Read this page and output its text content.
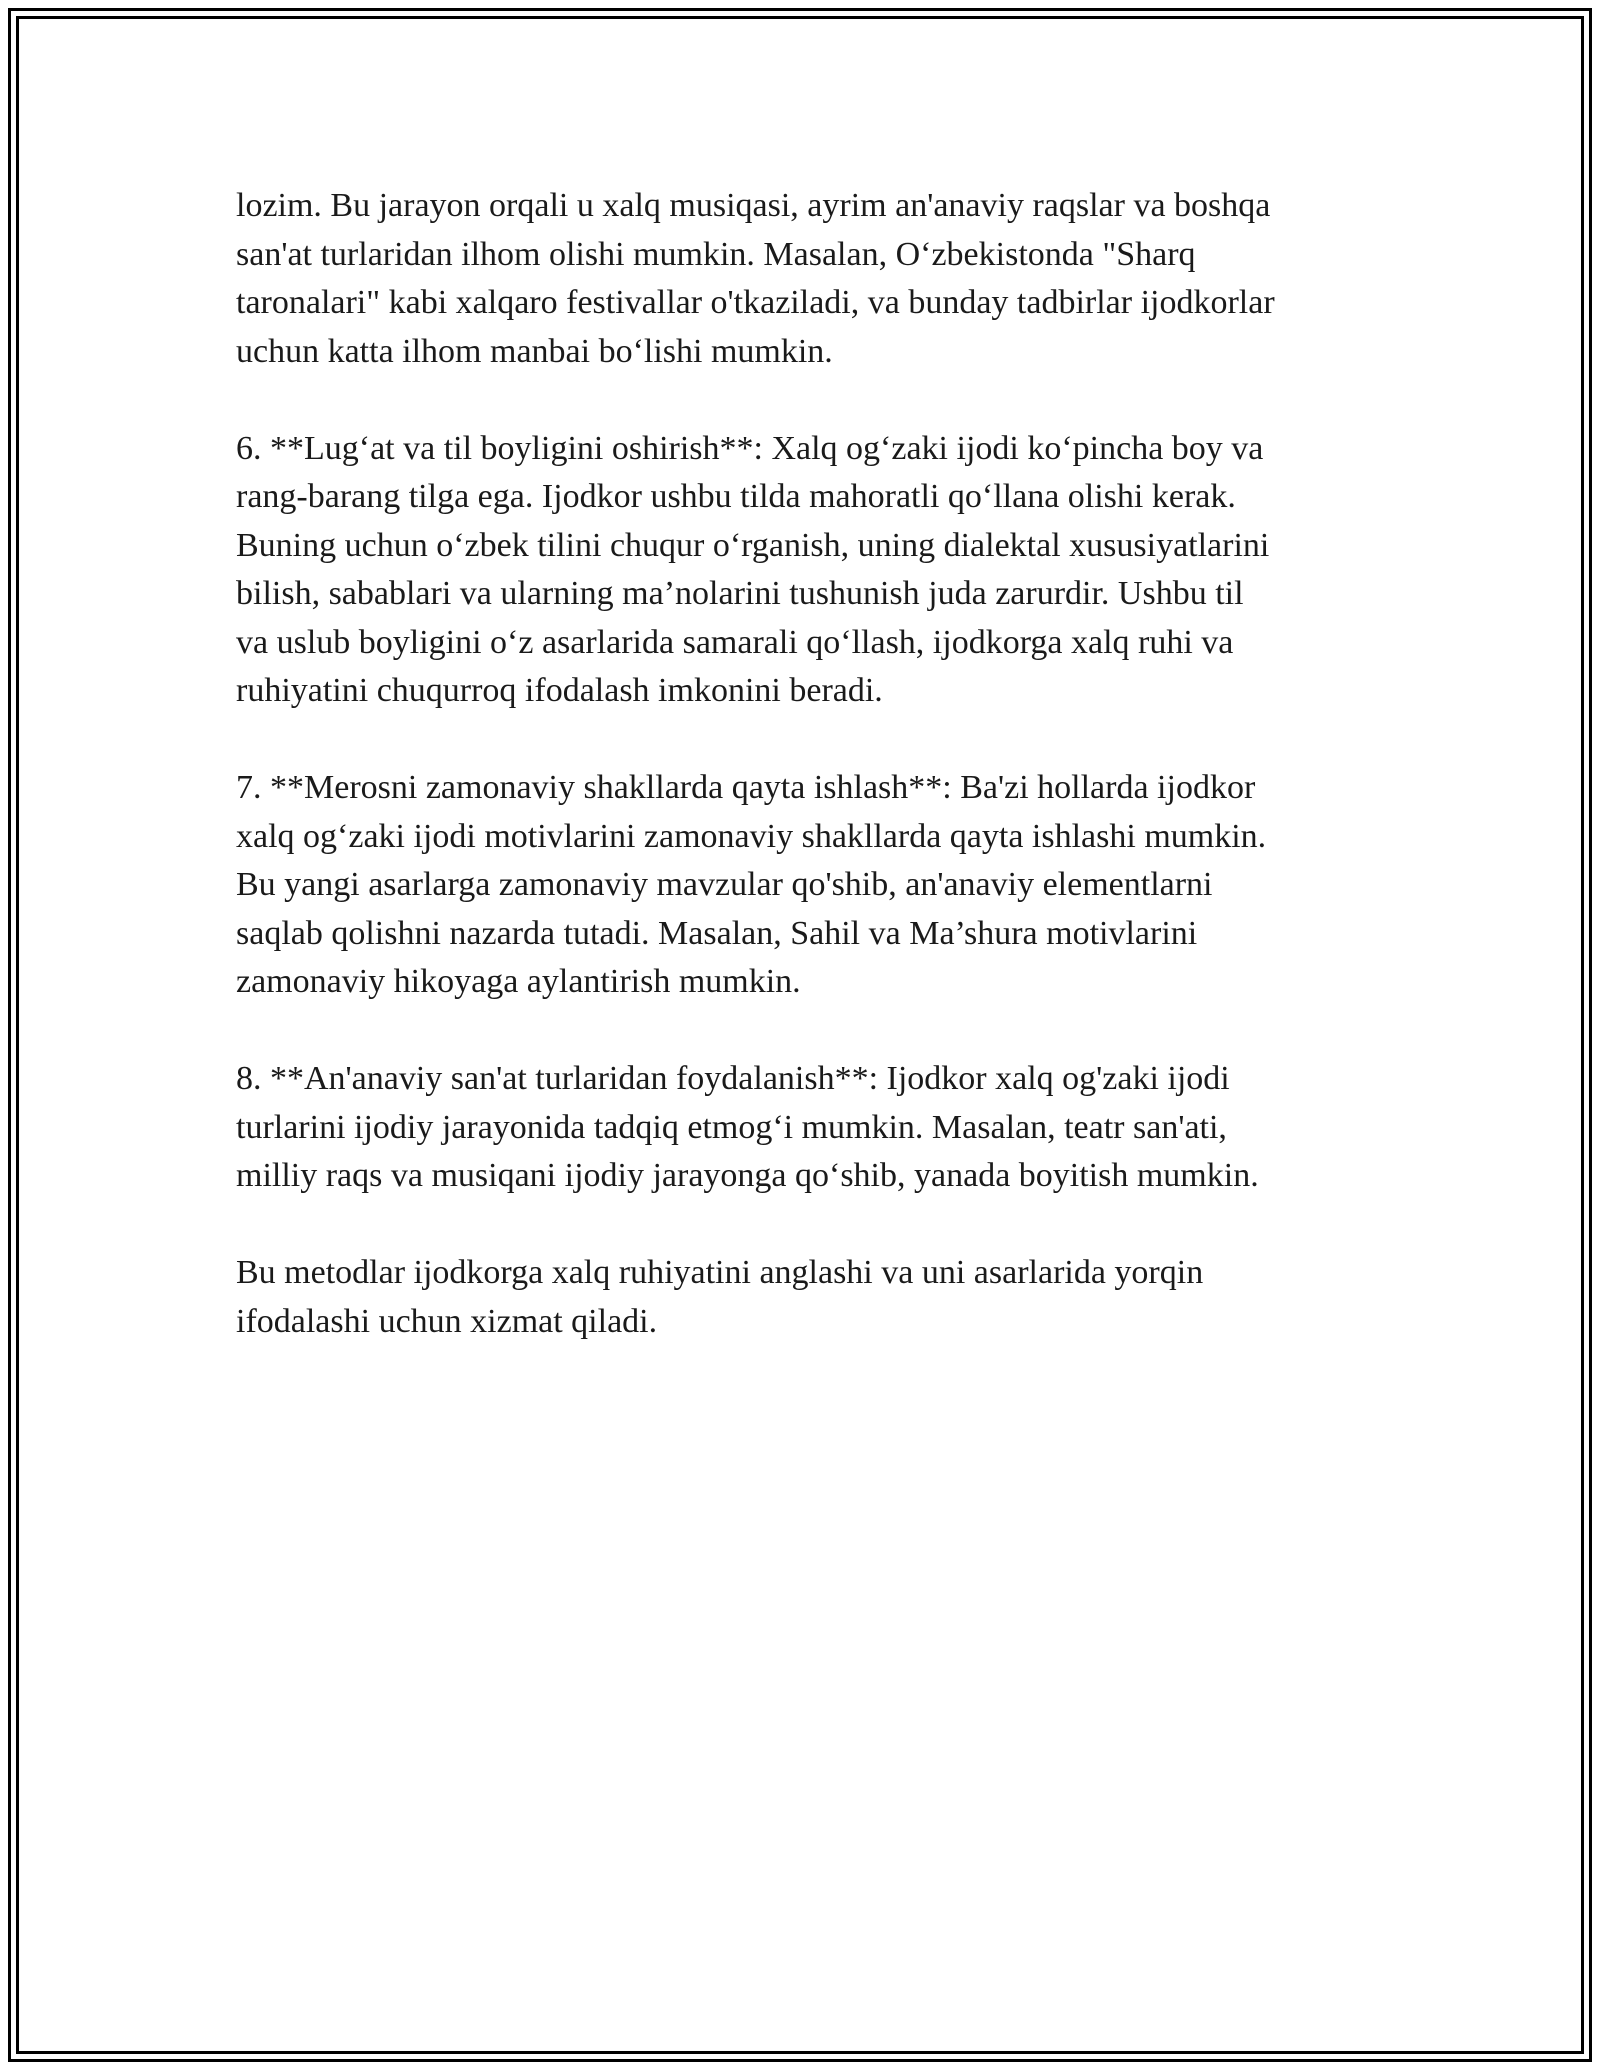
lozim. Bu jarayon orqali u xalq musiqasi, ayrim an'anaviy raqslar va boshqa
san'at turlaridan ilhom olishi mumkin. Masalan, O‘zbekistonda "Sharq
taronalari" kabi xalqaro festivallar o'tkaziladi, va bunday tadbirlar ijodkorlar
uchun katta ilhom manbai bo‘lishi mumkin.

6. **Lug‘at va til boyligini oshirish**: Xalq og‘zaki ijodi ko‘pincha boy va
rang-barang tilga ega. Ijodkor ushbu tilda mahoratli qo‘llana olishi kerak.
Buning uchun o‘zbek tilini chuqur o‘rganish, uning dialektal xususiyatlarini
bilish, sabablari va ularning ma’nolarini tushunish juda zarurdir. Ushbu til
va uslub boyligini o‘z asarlarida samarali qo‘llash, ijodkorga xalq ruhi va
ruhiyatini chuqurroq ifodalash imkonini beradi.

7. **Merosni zamonaviy shakllarda qayta ishlash**: Ba'zi hollarda ijodkor
xalq og‘zaki ijodi motivlarini zamonaviy shakllarda qayta ishlashi mumkin.
Bu yangi asarlarga zamonaviy mavzular qo'shib, an'anaviy elementlarni
saqlab qolishni nazarda tutadi. Masalan, Sahil va Ma’shura motivlarini
zamonaviy hikoyaga aylantirish mumkin.

8. **An'anaviy san'at turlaridan foydalanish**: Ijodkor xalq og'zaki ijodi
turlarini ijodiy jarayonida tadqiq etmog‘i mumkin. Masalan, teatr san'ati,
milliy raqs va musiqani ijodiy jarayonga qo‘shib, yanada boyitish mumkin.

Bu metodlar ijodkorga xalq ruhiyatini anglashi va uni asarlarida yorqin
ifodalashi uchun xizmat qiladi.
